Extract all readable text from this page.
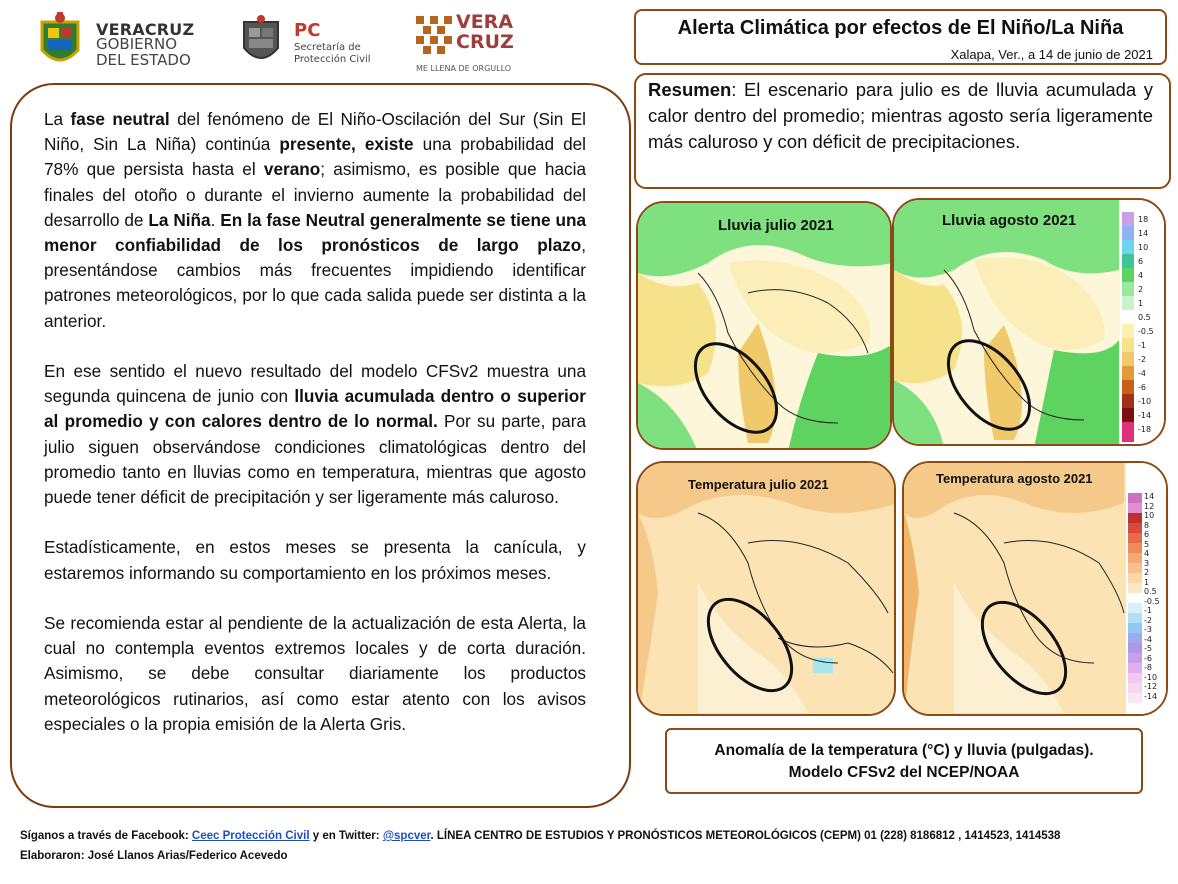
VERACRUZ
GOBIERNO
DEL ESTADO
PC
Secretaría de
Protección Civil
VERA
CRUZ
ME LLENA DE ORGULLO
Alerta Climática por efectos de El Niño/La Niña
Xalapa, Ver., a 14 de junio de 2021
Resumen: El escenario para julio es de lluvia acumulada y calor dentro del promedio; mientras agosto sería ligeramente más caluroso y con déficit de precipitaciones.

La fase neutral del fenómeno de El Niño-Oscilación del Sur (Sin El Niño, Sin La Niña) continúa presente, existe una probabilidad del 78% que persista hasta el verano; asimismo, es posible que hacia finales del otoño o durante el invierno aumente la probabilidad del desarrollo de La Niña. En la fase Neutral generalmente se tiene una menor confiabilidad de los pronósticos de largo plazo, presentándose cambios más frecuentes impidiendo identificar patrones meteorológicos, por lo que cada salida puede ser distinta a la anterior.

En ese sentido el nuevo resultado del modelo CFSv2 muestra una segunda quincena de junio con lluvia acumulada dentro o superior al promedio y con calores dentro de lo normal. Por su parte, para julio siguen observándose condiciones climatológicas dentro del promedio tanto en lluvias como en temperatura, mientras que agosto puede tener déficit de precipitación y ser ligeramente más caluroso.

Estadísticamente, en estos meses se presenta la canícula, y estaremos informando su comportamiento en los próximos meses.

Se recomienda estar al pendiente de la actualización de esta Alerta, la cual no contempla eventos extremos locales y de corta duración. Asimismo, se debe consultar diariamente los productos meteorológicos rutinarios, así como estar atento con los avisos especiales o la propia emisión de la Alerta Gris.

Lluvia julio 2021	Lluvia agosto 2021	18
14
10
6
4
2
1
0.5
-0.5
-1
-2
-4
-6
-10
-14
-18
Temperatura julio 2021	Temperatura agosto 2021
14
12
10
8
6
5
4
3
2
1
0.5
-0.5
-1
-2
-3
-4
-5
-6
-8
-10
-12
-14
Anomalía de la temperatura (°C) y lluvia (pulgadas).
Modelo CFSv2 del NCEP/NOAA
Síganos a través de Facebook: Ceec Protección Civil y en Twitter: @spcver. LÍNEA CENTRO DE ESTUDIOS Y PRONÓSTICOS METEOROLÓGICOS (CEPM) 01 (228) 8186812 , 1414523, 1414538
Elaboraron: José Llanos Arias/Federico Acevedo
